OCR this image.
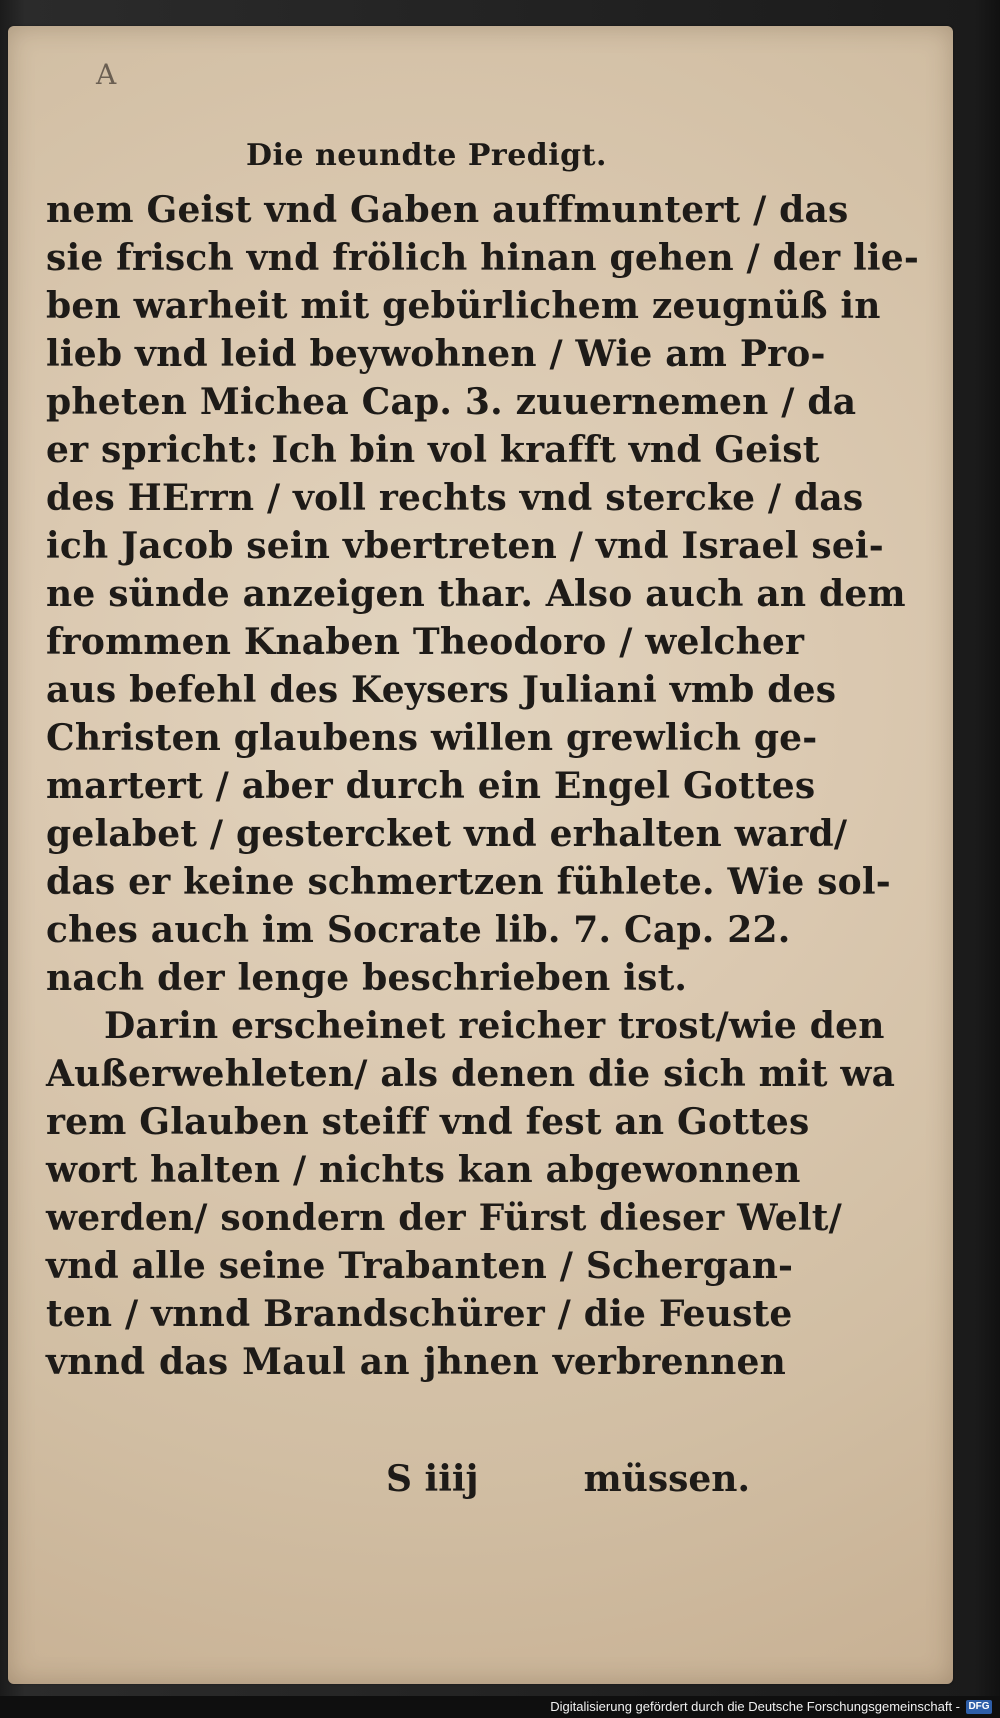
A
Die neundte Predigt.
nem Geist vnd Gaben auffmuntert / das
sie frisch vnd frölich hinan gehen / der lie-
ben warheit mit gebürlichem zeugnüß in
lieb vnd leid beywohnen / Wie am Pro-
pheten Michea Cap. 3. zuuernemen / da
er spricht: Ich bin vol krafft vnd Geist
des HErrn / voll rechts vnd stercke / das
ich Jacob sein vbertreten / vnd Israel sei-
ne sünde anzeigen thar. Also auch an dem
frommen Knaben Theodoro / welcher
aus befehl des Keysers Juliani vmb des
Christen glaubens willen grewlich ge-
martert / aber durch ein Engel Gottes
gelabet / gestercket vnd erhalten ward/
das er keine schmertzen fühlete. Wie sol-
ches auch im Socrate lib. 7. Cap. 22.
nach der lenge beschrieben ist.
Darin erscheinet reicher trost/wie den
Außerwehleten/ als denen die sich mit wa
rem Glauben steiff vnd fest an Gottes
wort halten / nichts kan abgewonnen
werden/ sondern der Fürst dieser Welt/
vnd alle seine Trabanten / Schergan-
ten / vnnd Brandschürer / die Feuste
vnnd das Maul an jhnen verbrennen
S iiij	müssen.
Digitalisierung gefördert durch die Deutsche Forschungsgemeinschaft - DFG
